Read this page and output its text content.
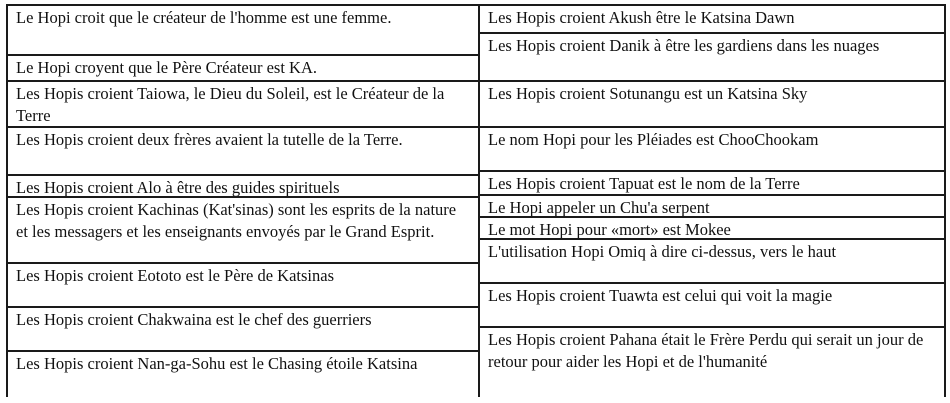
Le Hopi croit que le créateur de l'homme est une femme.
Le Hopi croyent que le Père Créateur est KA.
Les Hopis croient Taiowa, le Dieu du Soleil, est le Créateur de la Terre
Les Hopis croient deux frères avaient la tutelle de la Terre.
Les Hopis croient Alo à être des guides spirituels
Les Hopis croient Kachinas (Kat'sinas) sont les esprits de la nature et les messagers et les enseignants envoyés par le Grand Esprit.
Les Hopis croient Eototo est le Père de Katsinas
Les Hopis croient Chakwaina est le chef des guerriers
Les Hopis croient Nan-ga-Sohu est le Chasing étoile Katsina
Les Hopis croient Akush être le Katsina Dawn
Les Hopis croient Danik à être les gardiens dans les nuages
Les Hopis croient Sotunangu est un Katsina Sky
Le nom Hopi pour les Pléiades est ChooChookam
Les Hopis croient Tapuat est le nom de la Terre
Le Hopi appeler un Chu'a serpent
Le mot Hopi pour «mort» est Mokee
L'utilisation Hopi Omiq à dire ci-dessus, vers le haut
Les Hopis croient Tuawta est celui qui voit la magie
Les Hopis croient Pahana était le Frère Perdu qui serait un jour de retour pour aider les Hopi et de l'humanité
